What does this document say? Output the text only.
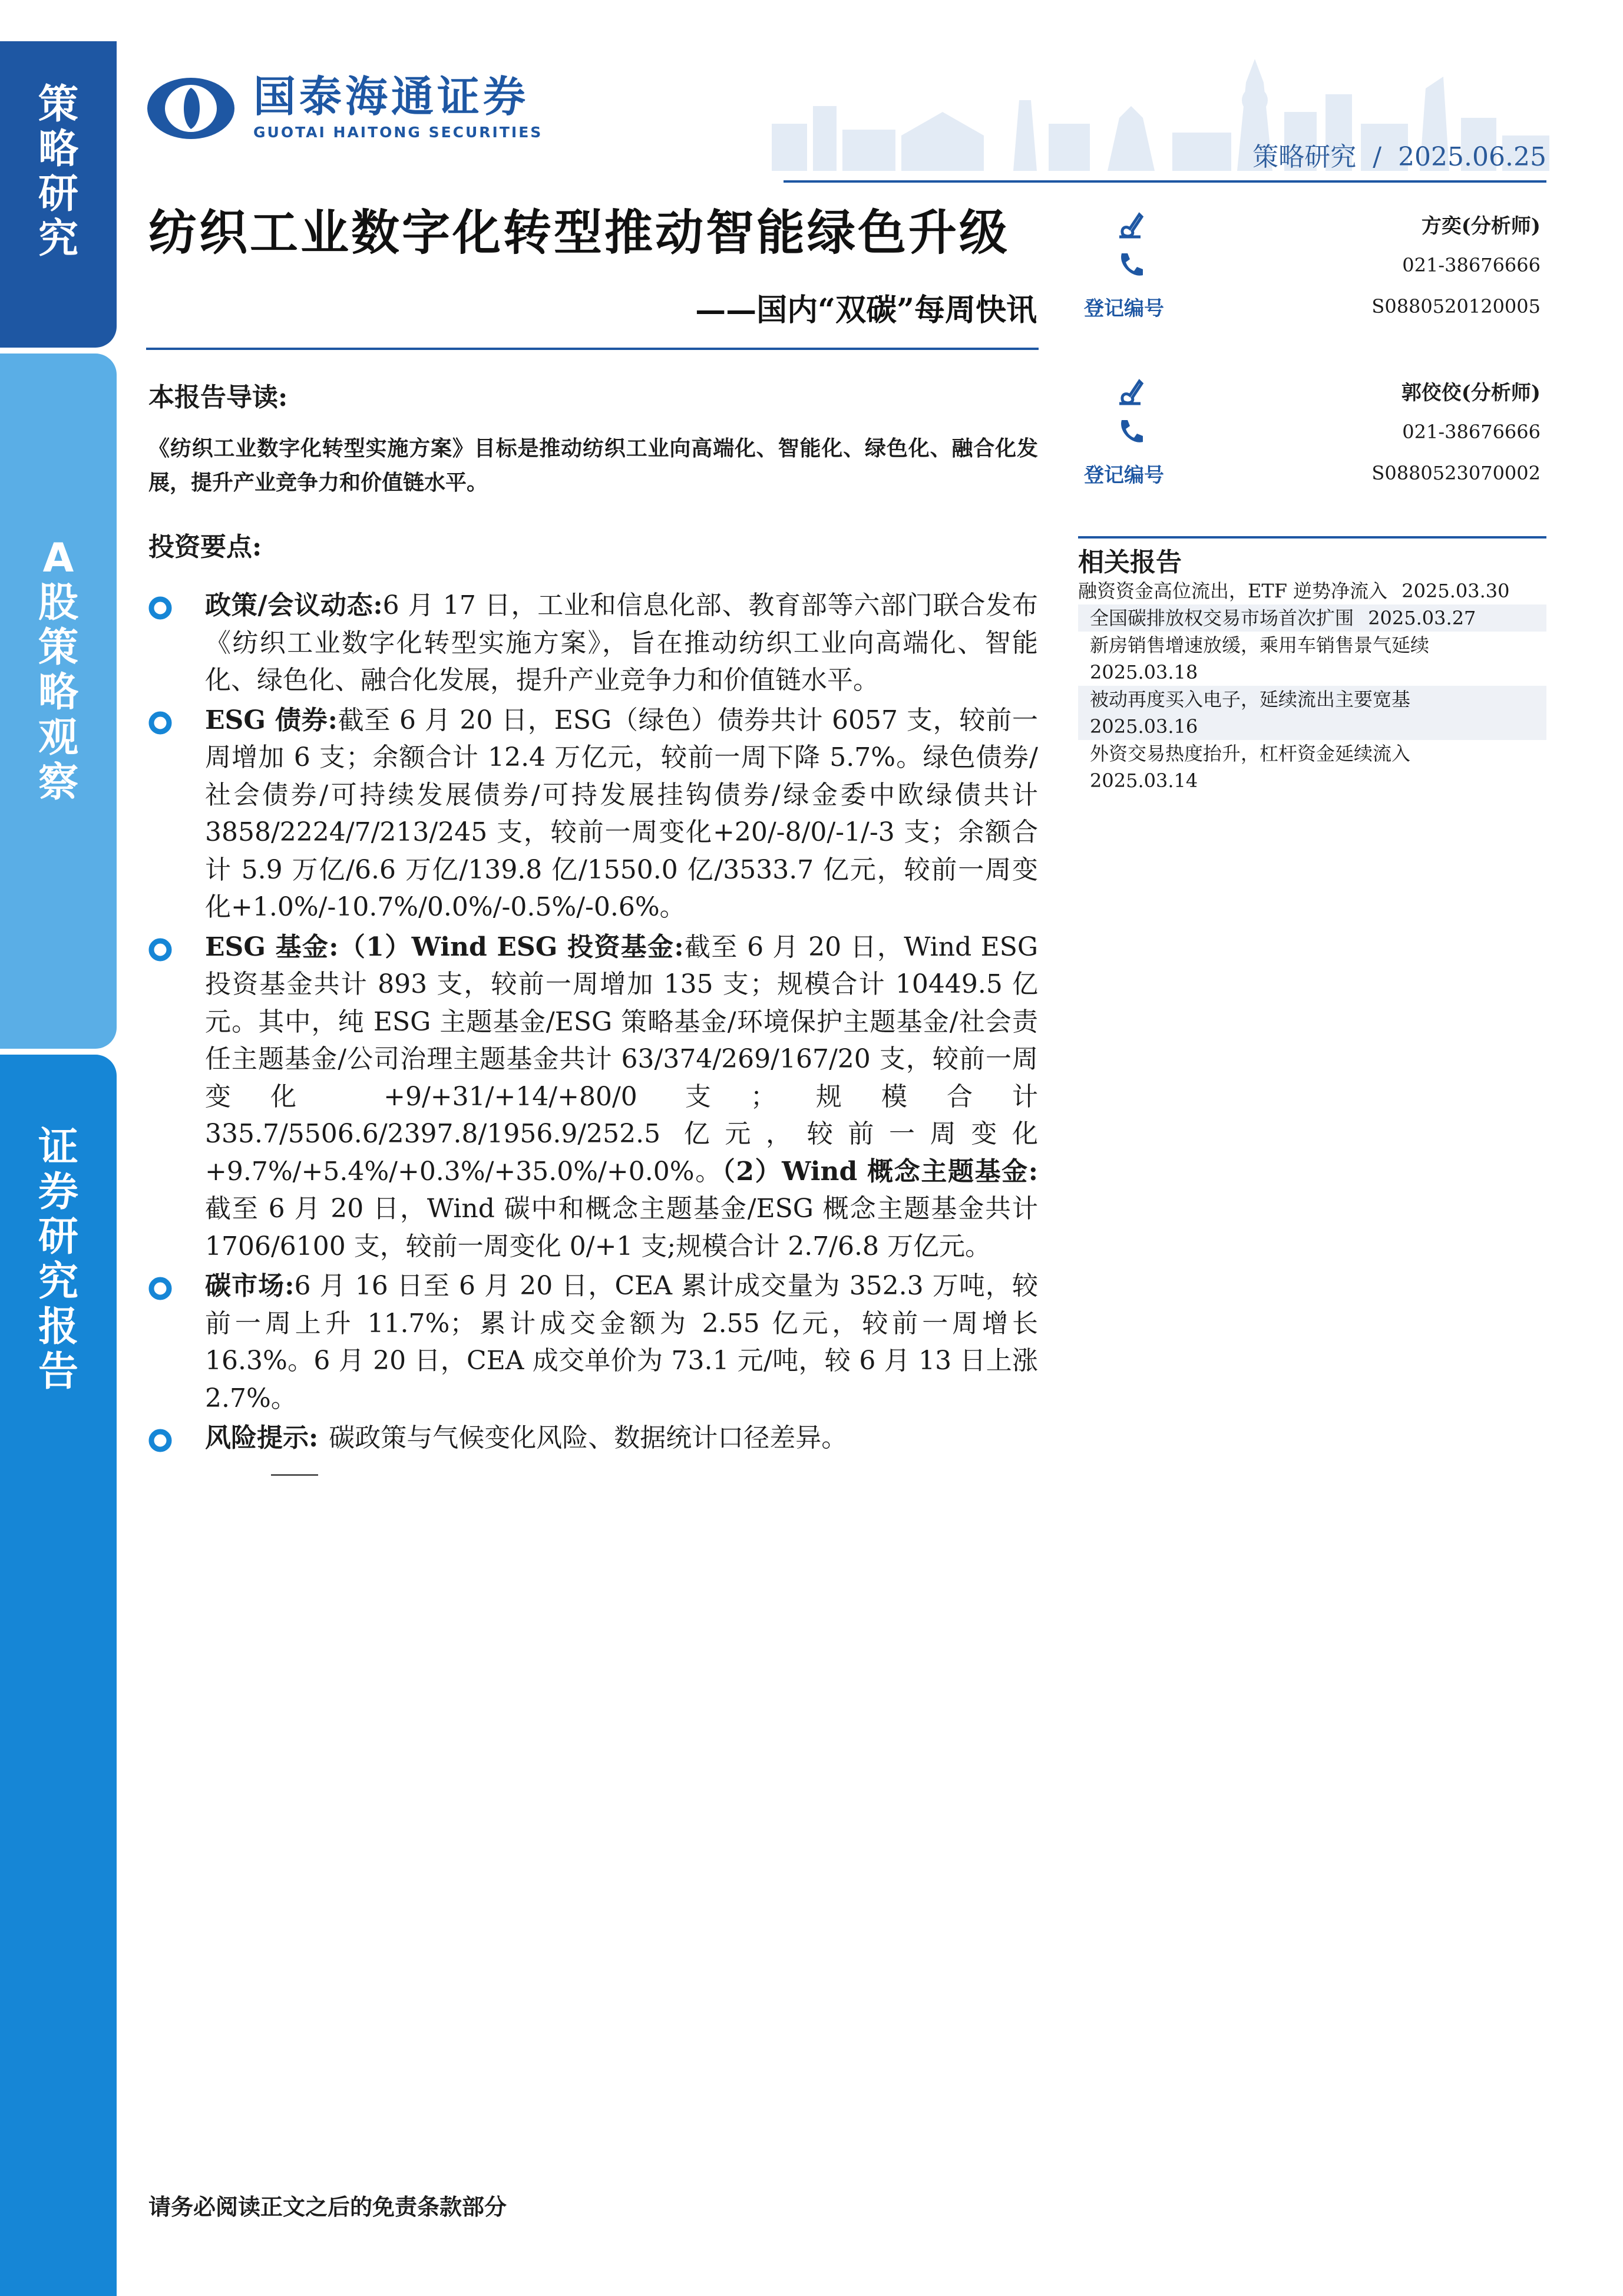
策
略
研
究
A
股
策
略
观
察
证
券
研
究
报
告
国泰海通证券
GUOTAI HAITONG SECURITIES
策略研究 / 2025.06.25
纺织工业数字化转型推动智能绿色升级
——国内“双碳”每周快讯
本报告导读:
《纺织工业数字化转型实施方案》目标是推动纺织工业向高端化、智能化、绿色化、融合化发展，提升产业竞争力和价值链水平。
投资要点:
政策/会议动态:6 月 17 日，工业和信息化部、教育部等六部门联合发布《纺织工业数字化转型实施方案》，旨在推动纺织工业向高端化、智能化、绿色化、融合化发展，提升产业竞争力和价值链水平。
ESG 债券:截至 6 月 20 日，ESG（绿色）债券共计 6057 支，较前一周增加 6 支；余额合计 12.4 万亿元，较前一周下降 5.7%。绿色债券/社会债券/可持续发展债券/可持发展挂钩债券/绿金委中欧绿债共计 3858/2224/7/213/245 支，较前一周变化+20/-8/0/-1/-3 支；余额合计 5.9 万亿/6.6 万亿/139.8 亿/1550.0 亿/3533.7 亿元，较前一周变化+1.0%/-10.7%/0.0%/-0.5%/-0.6%。
ESG 基金:（1）Wind ESG 投资基金:截至 6 月 20 日，Wind ESG 投资基金共计 893 支，较前一周增加 135 支；规模合计 10449.5 亿元。其中，纯 ESG 主题基金/ESG 策略基金/环境保护主题基金/社会责任主题基金/公司治理主题基金共计 63/374/269/167/20 支，较前一周变化 +9/+31/+14/+80/0 支；规模合计 335.7/5506.6/2397.8/1956.9/252.5 亿元，较前一周变化 +9.7%/+5.4%/+0.3%/+35.0%/+0.0%。（2）Wind 概念主题基金:截至 6 月 20 日，Wind 碳中和概念主题基金/ESG 概念主题基金共计 1706/6100 支，较前一周变化 0/+1 支;规模合计 2.7/6.8 万亿元。
碳市场:6 月 16 日至 6 月 20 日，CEA 累计成交量为 352.3 万吨，较前一周上升 11.7%；累计成交金额为 2.55 亿元，较前一周增长 16.3%。6 月 20 日，CEA 成交单价为 73.1 元/吨，较 6 月 13 日上涨 2.7%。
风险提示: 碳政策与气候变化风险、数据统计口径差异。
方奕(分析师)
021-38676666
登记编号	S0880520120005
郭佼佼(分析师)
021-38676666
登记编号	S0880523070002
相关报告
融资资金高位流出，ETF 逆势净流入 2025.03.30
全国碳排放权交易市场首次扩围 2025.03.27
新房销售增速放缓，乘用车销售景气延续
2025.03.18
被动再度买入电子，延续流出主要宽基
2025.03.16
外资交易热度抬升，杠杆资金延续流入
2025.03.14
请务必阅读正文之后的免责条款部分
